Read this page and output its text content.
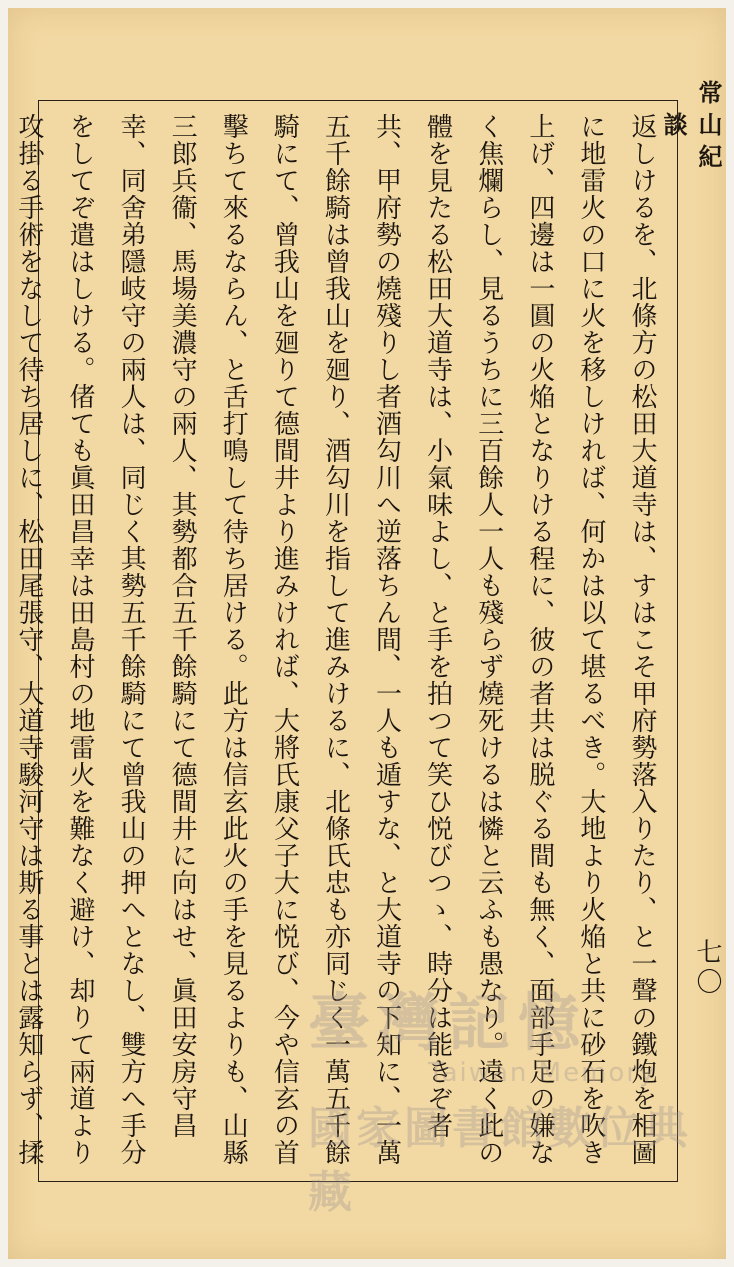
返しけるを、北條方の松田大道寺は、すはこそ甲府勢落入りたり、と一聲の鐵炮を相圖に地雷火の口に火を移しければ、何かは以て堪るべき。大地より火焔と共に砂石を吹き上げ、四邊は一圓の火焔となりける程に、彼の者共は脱ぐる間も無く、面部手足の嫌なく焦爛らし、見るうちに三百餘人一人も殘らず燒死けるは憐と云ふも愚なり。遠く此の體を見たる松田大道寺は、小氣味よし、と手を拍つて笑ひ悦びつゝ、時分は能きぞ者共、甲府勢の燒殘りし者酒勾川へ逆落ちん間、一人も遁すな、と大道寺の下知に、一萬五千餘騎は曾我山を廻り、酒勾川を指して進みけるに、北條氏忠も亦同じく一萬五千餘騎にて、曾我山を廻りて德間井より進みければ、大將氏康父子大に悦び、今や信玄の首擊ちて來るならん、と舌打鳴して待ち居ける。此方は信玄此火の手を見るよりも、山縣三郎兵衞、馬場美濃守の兩人、其勢都合五千餘騎にて德間井に向はせ、眞田安房守昌幸、同舍弟隱岐守の兩人は、同じく其勢五千餘騎にて曾我山の押へとなし、雙方へ手分をしてぞ遣はしける。偖ても眞田昌幸は田島村の地雷火を難なく避け、却りて兩道より攻掛る手術をなして待ち居しに、松田尾張守、大道寺駿河守は斯る事とは露知らず、揉
常山紀談
七〇
臺灣記憶
Taiwan Memory
國家圖書館數位典藏
